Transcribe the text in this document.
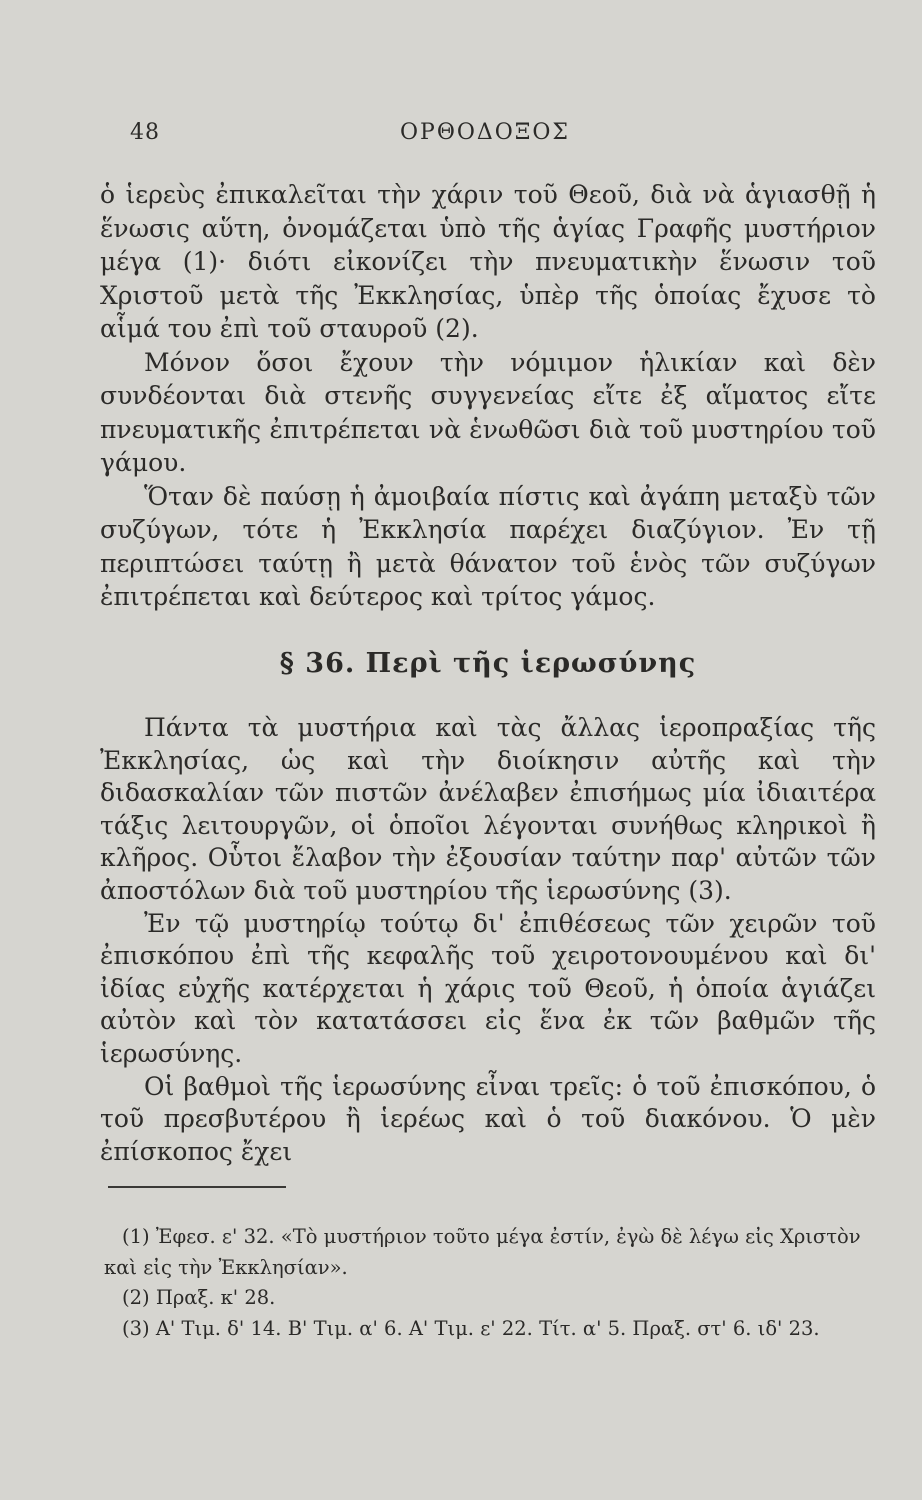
48	ΟΡΘΟΔΟΞΟΣ

ὁ ἱερεὺς ἐπικαλεῖται τὴν χάριν τοῦ Θεοῦ, διὰ νὰ ἁγιασθῇ ἡ ἕνωσις αὕτη, ὀνομάζεται ὑπὸ τῆς ἁγίας Γραφῆς μυστήριον μέγα (1)· διότι εἰκονίζει τὴν πνευματικὴν ἕνωσιν τοῦ Χριστοῦ μετὰ τῆς Ἐκκλησίας, ὑπὲρ τῆς ὁποίας ἔχυσε τὸ αἷμά του ἐπὶ τοῦ σταυροῦ (2).

Μόνον ὅσοι ἔχουν τὴν νόμιμον ἡλικίαν καὶ δὲν συνδέονται διὰ στενῆς συγγενείας εἴτε ἐξ αἵματος εἴτε πνευματικῆς ἐπιτρέπεται νὰ ἑνωθῶσι διὰ τοῦ μυστηρίου τοῦ γάμου.

Ὅταν δὲ παύσῃ ἡ ἀμοιβαία πίστις καὶ ἀγάπη μεταξὺ τῶν συζύγων, τότε ἡ Ἐκκλησία παρέχει διαζύγιον. Ἐν τῇ περιπτώσει ταύτῃ ἢ μετὰ θάνατον τοῦ ἑνὸς τῶν συζύγων ἐπιτρέπεται καὶ δεύτερος καὶ τρίτος γάμος.

§ 36. Περὶ τῆς ἱερωσύνης

Πάντα τὰ μυστήρια καὶ τὰς ἄλλας ἱεροπραξίας τῆς Ἐκκλησίας, ὡς καὶ τὴν διοίκησιν αὐτῆς καὶ τὴν διδασκαλίαν τῶν πιστῶν ἀνέλαβεν ἐπισήμως μία ἰδιαιτέρα τάξις λειτουργῶν, οἱ ὁποῖοι λέγονται συνήθως κληρικοὶ ἢ κλῆρος. Οὗτοι ἔλαβον τὴν ἐξουσίαν ταύτην παρ' αὐτῶν τῶν ἀποστόλων διὰ τοῦ μυστηρίου τῆς ἱερωσύνης (3).

Ἐν τῷ μυστηρίῳ τούτῳ δι' ἐπιθέσεως τῶν χειρῶν τοῦ ἐπισκόπου ἐπὶ τῆς κεφαλῆς τοῦ χειροτονουμένου καὶ δι' ἰδίας εὐχῆς κατέρχεται ἡ χάρις τοῦ Θεοῦ, ἡ ὁποία ἁγιάζει αὐτὸν καὶ τὸν κατατάσσει εἰς ἕνα ἐκ τῶν βαθμῶν τῆς ἱερωσύνης.

Οἱ βαθμοὶ τῆς ἱερωσύνης εἶναι τρεῖς: ὁ τοῦ ἐπισκόπου, ὁ τοῦ πρεσβυτέρου ἢ ἱερέως καὶ ὁ τοῦ διακόνου. Ὁ μὲν ἐπίσκοπος ἔχει

(1) Ἐφεσ. ε' 32. «Τὸ μυστήριον τοῦτο μέγα ἐστίν, ἐγὼ δὲ λέγω εἰς Χριστὸν καὶ εἰς τὴν Ἐκκλησίαν».

(2) Πραξ. κ' 28.

(3) Α' Τιμ. δ' 14. Β' Τιμ. α' 6. Α' Τιμ. ε' 22. Τίτ. α' 5. Πραξ. στ' 6. ιδ' 23.
